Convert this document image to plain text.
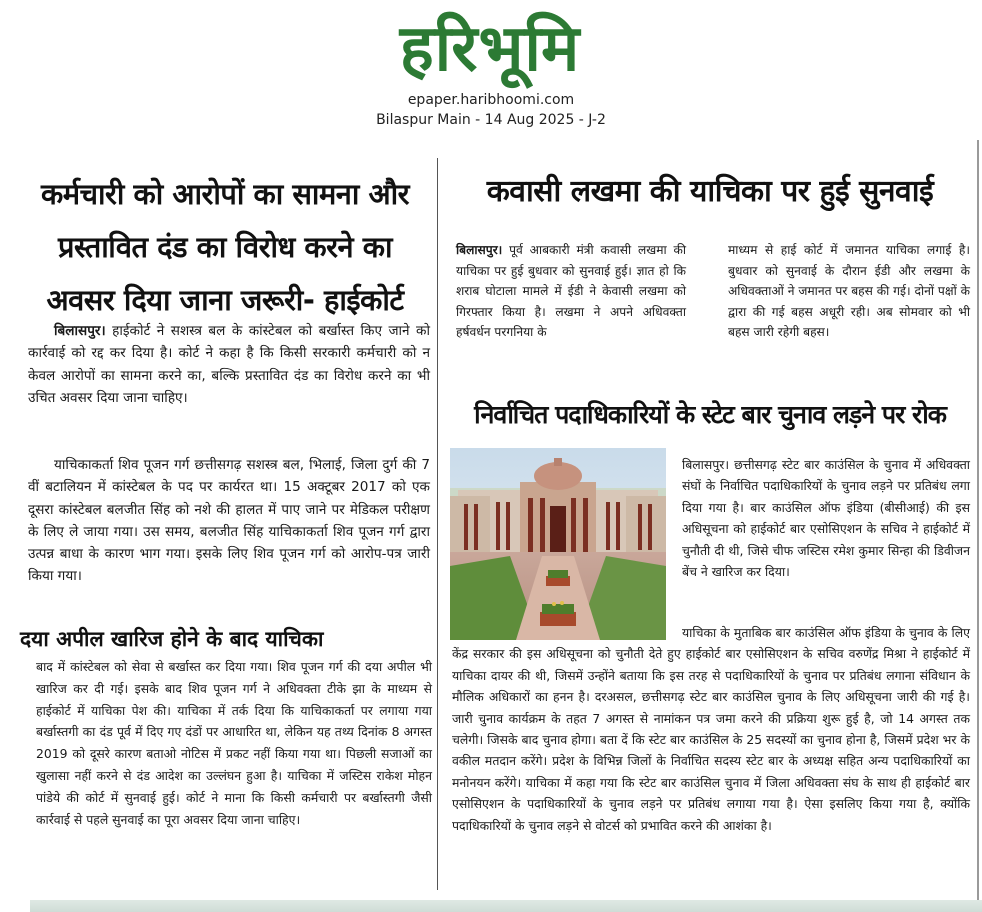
हरिभूमि
epaper.haribhoomi.com
Bilaspur Main - 14 Aug 2025 - J-2
कर्मचारी को आरोपों का सामना और प्रस्तावित दंड का विरोध करने का अवसर दिया जाना जरूरी- हाईकोर्ट

बिलासपुर। हाईकोर्ट ने सशस्त्र बल के कांस्टेबल को बर्खास्त किए जाने को कार्रवाई को रद्द कर दिया है। कोर्ट ने कहा है कि किसी सरकारी कर्मचारी को न केवल आरोपों का सामना करने का, बल्कि प्रस्तावित दंड का विरोध करने का भी उचित अवसर दिया जाना चाहिए।

याचिकाकर्ता शिव पूजन गर्ग छत्तीसगढ़ सशस्त्र बल, भिलाई, जिला दुर्ग की 7 वीं बटालियन में कांस्टेबल के पद पर कार्यरत था। 15 अक्टूबर 2017 को एक दूसरा कांस्टेबल बलजीत सिंह को नशे की हालत में पाए जाने पर मेडिकल परीक्षण के लिए ले जाया गया। उस समय, बलजीत सिंह याचिकाकर्ता शिव पूजन गर्ग द्वारा उत्पन्न बाधा के कारण भाग गया। इसके लिए शिव पूजन गर्ग को आरोप-पत्र जारी किया गया।

दया अपील खारिज होने के बाद याचिका

बाद में कांस्टेबल को सेवा से बर्खास्त कर दिया गया। शिव पूजन गर्ग की दया अपील भी खारिज कर दी गई। इसके बाद शिव पूजन गर्ग ने अधिवक्ता टीके झा के माध्यम से हाईकोर्ट में याचिका पेश की। याचिका में तर्क दिया कि याचिकाकर्ता पर लगाया गया बर्खास्तगी का दंड पूर्व में दिए गए दंडों पर आधारित था, लेकिन यह तथ्य दिनांक 8 अगस्त 2019 को दूसरे कारण बताओ नोटिस में प्रकट नहीं किया गया था। पिछली सजाओं का खुलासा नहीं करने से दंड आदेश का उल्लंघन हुआ है। याचिका में जस्टिस राकेश मोहन पांडेये की कोर्ट में सुनवाई हुई। कोर्ट ने माना कि किसी कर्मचारी पर बर्खास्तगी जैसी कार्रवाई से पहले सुनवाई का पूरा अवसर दिया जाना चाहिए।

कवासी लखमा की याचिका पर हुई सुनवाई

बिलासपुर। पूर्व आबकारी मंत्री कवासी लखमा की याचिका पर हुई बुधवार को सुनवाई हुई। ज्ञात हो कि शराब घोटाला मामले में ईडी ने केवासी लखमा को गिरफ्तार किया है। लखमा ने अपने अधिवक्ता हर्षवर्धन परगनिया के

माध्यम से हाई कोर्ट में जमानत याचिका लगाई है। बुधवार को सुनवाई के दौरान ईडी और लखमा के अधिवक्ताओं ने जमानत पर बहस की गई। दोनों पक्षों के द्वारा की गई बहस अधूरी रही। अब सोमवार को भी बहस जारी रहेगी बहस।

निर्वाचित पदाधिकारियों के स्टेट बार चुनाव लड़ने पर रोक

बिलासपुर। छत्तीसगढ़ स्टेट बार काउंसिल के चुनाव में अधिवक्ता संघों के निर्वाचित पदाधिकारियों के चुनाव लड़ने पर प्रतिबंध लगा दिया गया है। बार काउंसिल ऑफ इंडिया (बीसीआई) की इस अधिसूचना को हाईकोर्ट बार एसोसिएशन के सचिव ने हाईकोर्ट में चुनौती दी थी, जिसे चीफ जस्टिस रमेश कुमार सिन्हा की डिवीजन बेंच ने खारिज कर दिया।

याचिका के मुताबिक बार काउंसिल ऑफ इंडिया के चुनाव के लिए केंद्र सरकार की इस अधिसूचना को चुनौती देते हुए हाईकोर्ट बार एसोसिएशन के सचिव वरुणेंद्र मिश्रा ने हाईकोर्ट में याचिका दायर की थी, जिसमें उन्होंने बताया कि इस तरह से पदाधिकारियों के चुनाव पर प्रतिबंध लगाना संविधान के मौलिक अधिकारों का हनन है। दरअसल, छत्तीसगढ़ स्टेट बार काउंसिल चुनाव के लिए अधिसूचना जारी की गई है। जारी चुनाव कार्यक्रम के तहत 7 अगस्त से नामांकन पत्र जमा करने की प्रक्रिया शुरू हुई है, जो 14 अगस्त तक चलेगी। जिसके बाद चुनाव होगा। बता दें कि स्टेट बार काउंसिल के 25 सदस्यों का चुनाव होना है, जिसमें प्रदेश भर के वकील मतदान करेंगे। प्रदेश के विभिन्न जिलों के निर्वाचित सदस्य स्टेट बार के अध्यक्ष सहित अन्य पदाधिकारियों का मनोनयन करेंगे। याचिका में कहा गया कि स्टेट बार काउंसिल चुनाव में जिला अधिवक्ता संघ के साथ ही हाईकोर्ट बार एसोसिएशन के पदाधिकारियों के चुनाव लड़ने पर प्रतिबंध लगाया गया है। ऐसा इसलिए किया गया है, क्योंकि पदाधिकारियों के चुनाव लड़ने से वोटर्स को प्रभावित करने की आशंका है।
